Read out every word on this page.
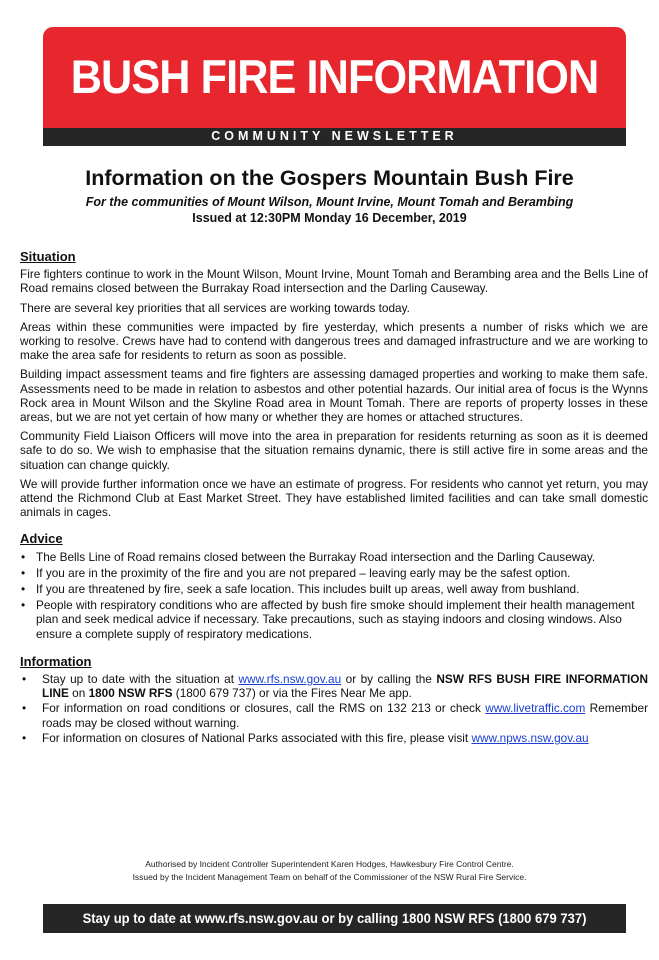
BUSH FIRE INFORMATION
COMMUNITY NEWSLETTER
Information on the Gospers Mountain Bush Fire
For the communities of Mount Wilson, Mount Irvine, Mount Tomah and Berambing
Issued at 12:30PM Monday 16 December, 2019
Situation

Fire fighters continue to work in the Mount Wilson, Mount Irvine, Mount Tomah and Berambing area and the Bells Line of Road remains closed between the Burrakay Road intersection and the Darling Causeway.

There are several key priorities that all services are working towards today.

Areas within these communities were impacted by fire yesterday, which presents a number of risks which we are working to resolve. Crews have had to contend with dangerous trees and damaged infrastructure and we are working to make the area safe for residents to return as soon as possible.

Building impact assessment teams and fire fighters are assessing damaged properties and working to make them safe. Assessments need to be made in relation to asbestos and other potential hazards. Our initial area of focus is the Wynns Rock area in Mount Wilson and the Skyline Road area in Mount Tomah. There are reports of property losses in these areas, but we are not yet certain of how many or whether they are homes or attached structures.

Community Field Liaison Officers will move into the area in preparation for residents returning as soon as it is deemed safe to do so. We wish to emphasise that the situation remains dynamic, there is still active fire in some areas and the situation can change quickly.

We will provide further information once we have an estimate of progress. For residents who cannot yet return, you may attend the Richmond Club at East Market Street. They have established limited facilities and can take small domestic animals in cages.

Advice
• The Bells Line of Road remains closed between the Burrakay Road intersection and the Darling Causeway.
• If you are in the proximity of the fire and you are not prepared – leaving early may be the safest option.
• If you are threatened by fire, seek a safe location. This includes built up areas, well away from bushland.
• People with respiratory conditions who are affected by bush fire smoke should implement their health management plan and seek medical advice if necessary. Take precautions, such as staying indoors and closing windows. Also ensure a complete supply of respiratory medications.
Information
• Stay up to date with the situation at www.rfs.nsw.gov.au or by calling the NSW RFS BUSH FIRE INFORMATION LINE on 1800 NSW RFS (1800 679 737) or via the Fires Near Me app.
• For information on road conditions or closures, call the RMS on 132 213 or check www.livetraffic.com Remember roads may be closed without warning.
• For information on closures of National Parks associated with this fire, please visit www.npws.nsw.gov.au
Authorised by Incident Controller Superintendent Karen Hodges, Hawkesbury Fire Control Centre.
Issued by the Incident Management Team on behalf of the Commissioner of the NSW Rural Fire Service.
Stay up to date at www.rfs.nsw.gov.au or by calling 1800 NSW RFS (1800 679 737)
